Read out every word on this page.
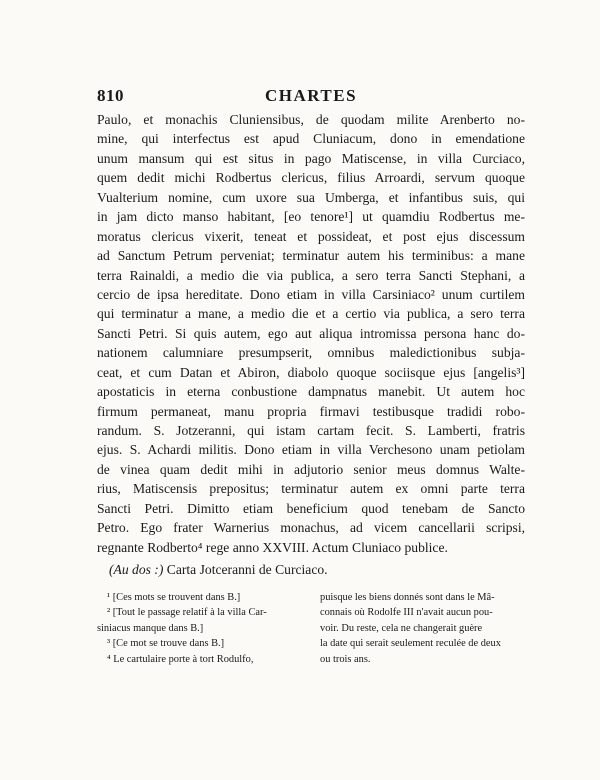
810	CHARTES
Paulo, et monachis Cluniensibus, de quodam milite Arenberto no-
mine, qui interfectus est apud Cluniacum, dono in emendatione
unum mansum qui est situs in pago Matiscense, in villa Curciaco,
quem dedit michi Rodbertus clericus, filius Arroardi, servum quoque
Vualterium nomine, cum uxore sua Umberga, et infantibus suis, qui
in jam dicto manso habitant, [eo tenore¹] ut quamdiu Rodbertus me-
moratus clericus vixerit, teneat et possideat, et post ejus discessum
ad Sanctum Petrum perveniat; terminatur autem his terminibus: a mane
terra Rainaldi, a medio die via publica, a sero terra Sancti Stephani, a
cercio de ipsa hereditate. Dono etiam in villa Carsiniaco² unum curtilem
qui terminatur a mane, a medio die et a certio via publica, a sero terra
Sancti Petri. Si quis autem, ego aut aliqua intromissa persona hanc do-
nationem calumniare presumpserit, omnibus maledictionibus subja-
ceat, et cum Datan et Abiron, diabolo quoque sociisque ejus [angelis³]
apostaticis in eterna conbustione dampnatus manebit. Ut autem hoc
firmum permaneat, manu propria firmavi testibusque tradidi robo-
randum. S. Jotzeranni, qui istam cartam fecit. S. Lamberti, fratris
ejus. S. Achardi militis. Dono etiam in villa Verchesono unam petiolam
de vinea quam dedit mihi in adjutorio senior meus domnus Walte-
rius, Matiscensis prepositus; terminatur autem ex omni parte terra
Sancti Petri. Dimitto etiam beneficium quod tenebam de Sancto
Petro. Ego frater Warnerius monachus, ad vicem cancellarii scripsi,
regnante Rodberto⁴ rege anno XXVIII. Actum Cluniaco publice.
(Au dos :) Carta Jotceranni de Curciaco.
¹ [Ces mots se trouvent dans B.]
² [Tout le passage relatif à la villa Car-
siniacus manque dans B.]
³ [Ce mot se trouve dans B.]
⁴ Le cartulaire porte à tort Rodulfo,
puisque les biens donnés sont dans le Mâ-
connais où Rodolfe III n'avait aucun pou-
voir. Du reste, cela ne changerait guère
la date qui serait seulement reculée de deux
ou trois ans.
